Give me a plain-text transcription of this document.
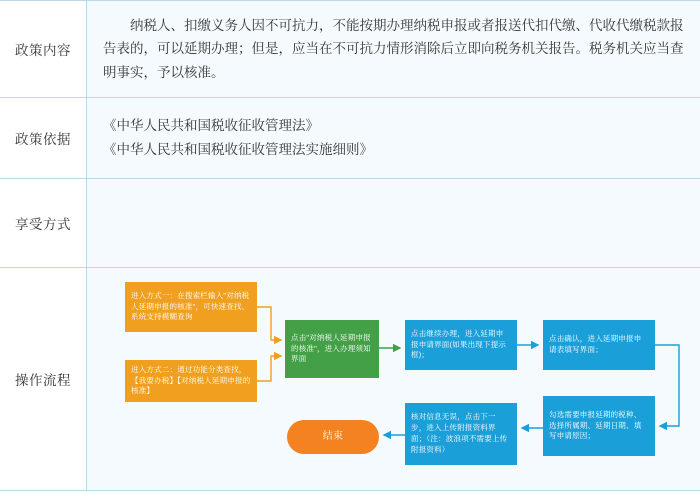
政策内容	纳税人、扣缴义务人因不可抗力，不能按期办理纳税申报或者报送代扣代缴、代收代缴税款报告表的，可以延期办理；但是，应当在不可抗力情形消除后立即向税务机关报告。税务机关应当查明事实，予以核准。

政策依据	《中华人民共和国税收征收管理法》
《中华人民共和国税收征收管理法实施细则》

享受方式	
操作流程	
进入方式一：在搜索栏输入"对纳税人延期申报的核准"，可快速查找、系统支持模糊查询
进入方式二：通过功能分类查找，【我要办税】【对纳税人延期申报的核准】
点击"对纳税人延期申报的核准"，进入办理须知界面
点击继续办理，进入延期申报申请界面(如果出现下提示框)；
点击确认，进入延期申报申请表填写界面；
勾选需要申报延期的税种、选择所属期、延期日期、填写申请原因；
核对信息无误，点击下一步，进入上传附报资料界面；（注：波浪项不需要上传附报资料）
结束
